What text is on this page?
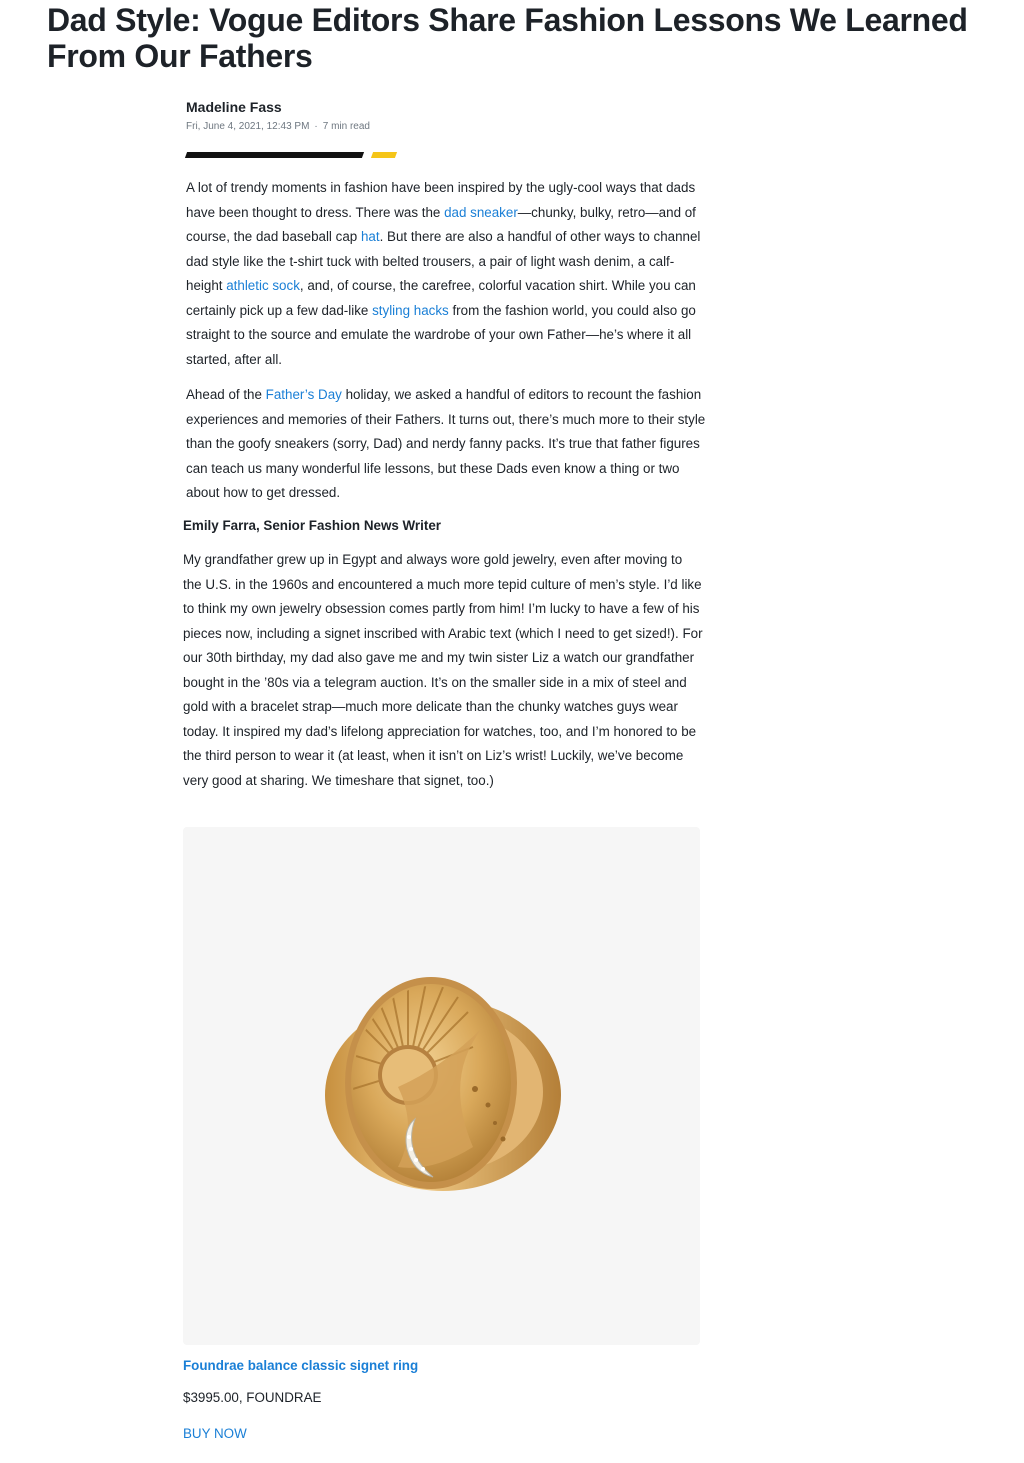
Dad Style: Vogue Editors Share Fashion Lessons We Learned From Our Fathers
Madeline Fass
Fri, June 4, 2021, 12:43 PM · 7 min read

A lot of trendy moments in fashion have been inspired by the ugly-cool ways that dads have been thought to dress. There was the dad sneaker—chunky, bulky, retro—and of course, the dad baseball cap hat. But there are also a handful of other ways to channel dad style like the t-shirt tuck with belted trousers, a pair of light wash denim, a calf-height athletic sock, and, of course, the carefree, colorful vacation shirt. While you can certainly pick up a few dad-like styling hacks from the fashion world, you could also go straight to the source and emulate the wardrobe of your own Father—he’s where it all started, after all.

Ahead of the Father’s Day holiday, we asked a handful of editors to recount the fashion experiences and memories of their Fathers. It turns out, there’s much more to their style than the goofy sneakers (sorry, Dad) and nerdy fanny packs. It’s true that father figures can teach us many wonderful life lessons, but these Dads even know a thing or two about how to get dressed.

Emily Farra, Senior Fashion News Writer

My grandfather grew up in Egypt and always wore gold jewelry, even after moving to the U.S. in the 1960s and encountered a much more tepid culture of men’s style. I’d like to think my own jewelry obsession comes partly from him! I’m lucky to have a few of his pieces now, including a signet inscribed with Arabic text (which I need to get sized!). For our 30th birthday, my dad also gave me and my twin sister Liz a watch our grandfather bought in the ’80s via a telegram auction. It’s on the smaller side in a mix of steel and gold with a bracelet strap—much more delicate than the chunky watches guys wear today. It inspired my dad’s lifelong appreciation for watches, too, and I’m honored to be the third person to wear it (at least, when it isn’t on Liz’s wrist! Luckily, we’ve become very good at sharing. We timeshare that signet, too.)

Foundrae balance classic signet ring
$3995.00, FOUNDRAE
BUY NOW
